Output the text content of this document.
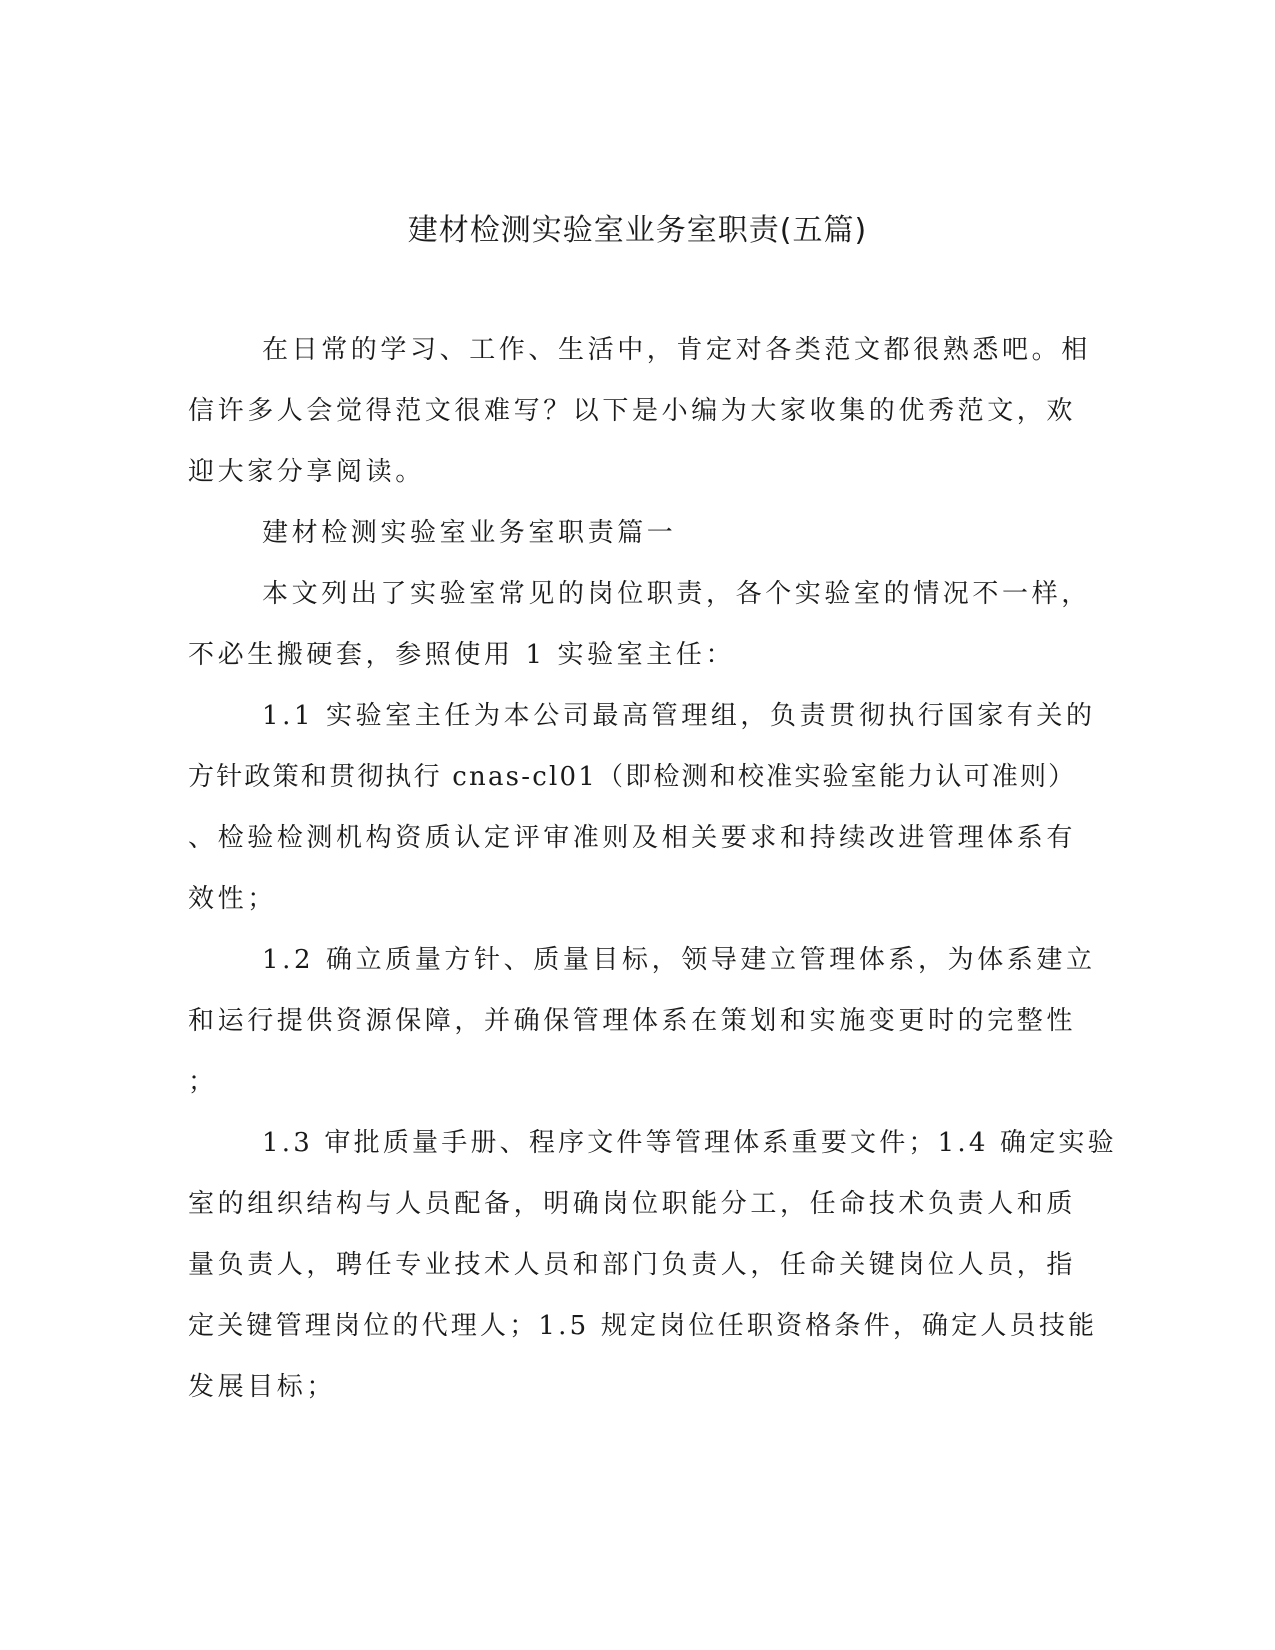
建材检测实验室业务室职责(五篇)
在日常的学习、工作、生活中，肯定对各类范文都很熟悉吧。相
信许多人会觉得范文很难写？以下是小编为大家收集的优秀范文，欢
迎大家分享阅读。
建材检测实验室业务室职责篇一
本文列出了实验室常见的岗位职责，各个实验室的情况不一样，
不必生搬硬套，参照使用 1 实验室主任：
1.1 实验室主任为本公司最高管理组，负责贯彻执行国家有关的
方针政策和贯彻执行 cnas-cl01（即检测和校准实验室能力认可准则）
、检验检测机构资质认定评审准则及相关要求和持续改进管理体系有
效性；
1.2 确立质量方针、质量目标，领导建立管理体系，为体系建立
和运行提供资源保障，并确保管理体系在策划和实施变更时的完整性
；
1.3 审批质量手册、程序文件等管理体系重要文件；1.4 确定实验
室的组织结构与人员配备，明确岗位职能分工，任命技术负责人和质
量负责人，聘任专业技术人员和部门负责人，任命关键岗位人员，指
定关键管理岗位的代理人；1.5 规定岗位任职资格条件，确定人员技能
发展目标；
